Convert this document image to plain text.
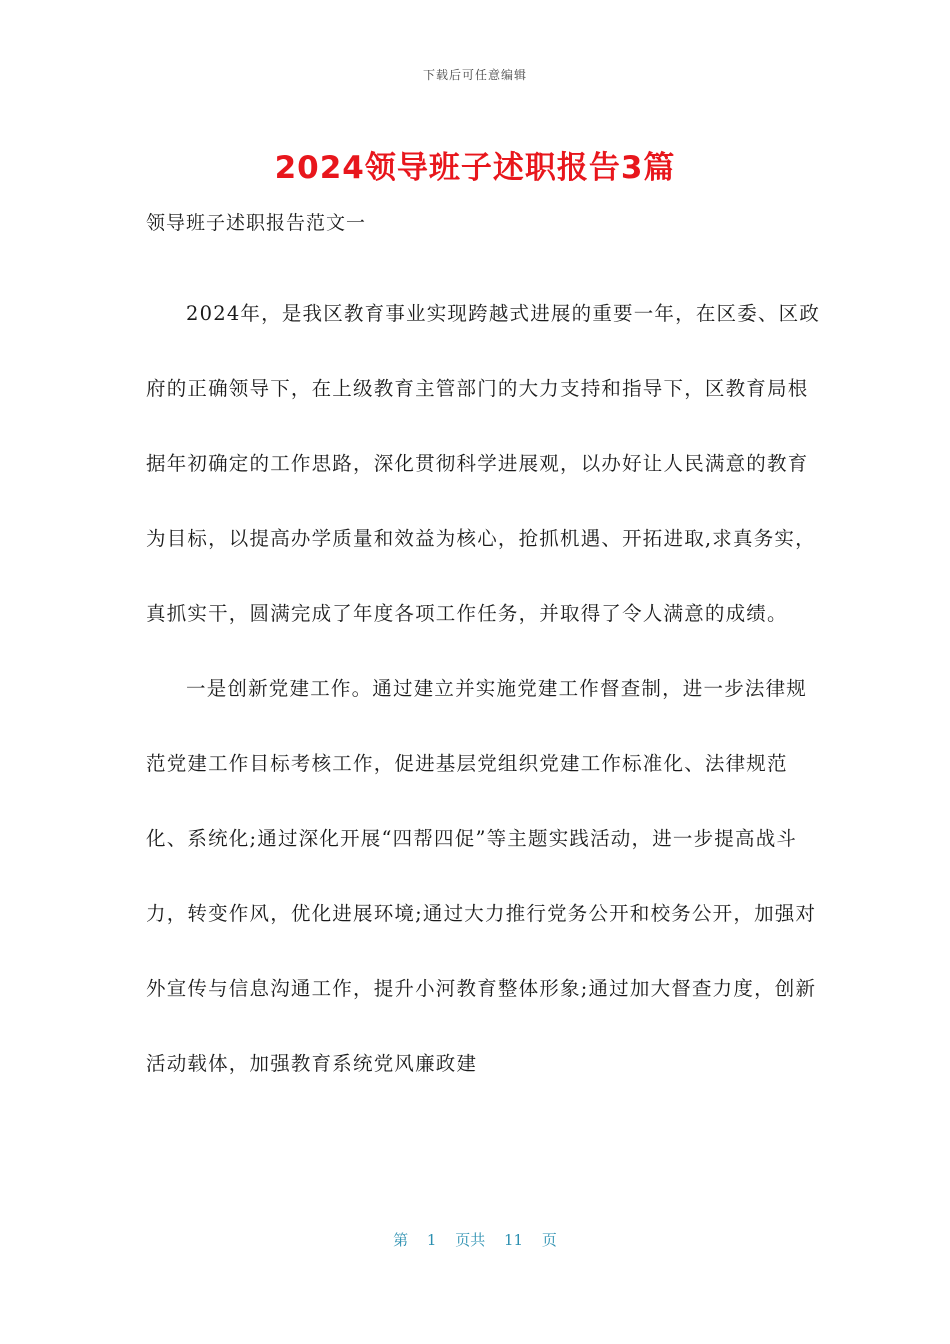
下载后可任意编辑
2024领导班子述职报告3篇
领导班子述职报告范文一

2024年，是我区教育事业实现跨越式进展的重要一年，在区委、区政府的正确领导下，在上级教育主管部门的大力支持和指导下，区教育局根据年初确定的工作思路，深化贯彻科学进展观，以办好让人民满意的教育为目标，以提高办学质量和效益为核心，抢抓机遇、开拓进取,求真务实，真抓实干，圆满完成了年度各项工作任务，并取得了令人满意的成绩。

一是创新党建工作。通过建立并实施党建工作督查制，进一步法律规范党建工作目标考核工作，促进基层党组织党建工作标准化、法律规范化、系统化;通过深化开展“四帮四促”等主题实践活动，进一步提高战斗力，转变作风，优化进展环境;通过大力推行党务公开和校务公开，加强对外宣传与信息沟通工作，提升小河教育整体形象;通过加大督查力度，创新活动载体，加强教育系统党风廉政建

第 1 页共 11 页
